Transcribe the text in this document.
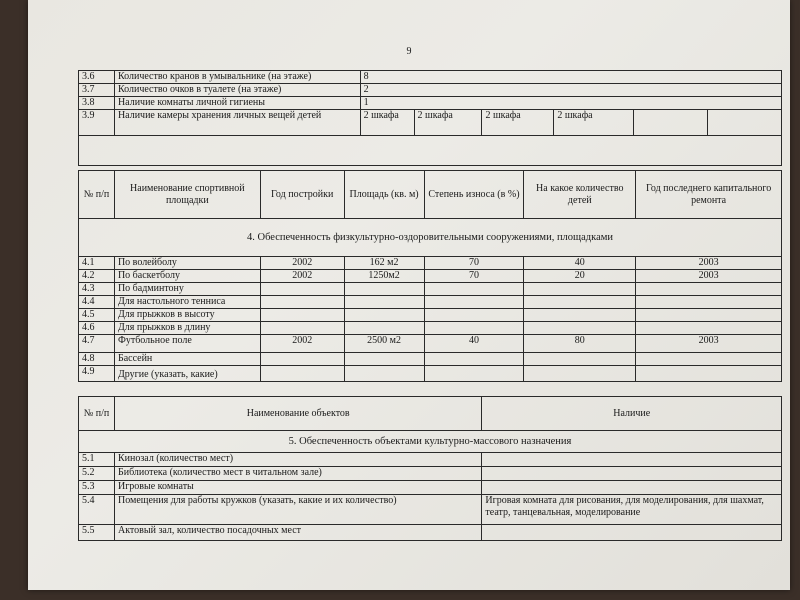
9
3.6	Количество кранов в умывальнике (на этаже)	8					
3.7	Количество очков в туалете (на этаже)	2					
3.8	Наличие комнаты личной гигиены	1					
3.9	Наличие камеры хранения личных вещей детей	2 шкафа	2 шкафа	2 шкафа	2 шкафа		

№ п/п	Наименование спортивной площадки	Год постройки	Площадь (кв. м)	Степень износа (в %)	На какое количество детей	Год последнего капитального ремонта
4. Обеспеченность физкультурно-оздоровительными сооружениями, площадками						
4.1	По волейболу	2002	162 м2	70	40	2003
4.2	По баскетболу	2002	1250м2	70	20	2003
4.3	По бадминтону					
4.4	Для настольного тенниса					
4.5	Для прыжков в высоту					
4.6	Для прыжков в длину					
4.7	Футбольное поле	2002	2500 м2	40	80	2003
4.8	Бассейн					
4.9	Другие (указать, какие)					
№ п/п	Наименование объектов	Наличие
5. Обеспеченность объектами культурно-массового назначения		
5.1	Кинозал (количество мест)	
5.2	Библиотека (количество мест в читальном зале)	
5.3	Игровые комнаты	
5.4	Помещения для работы кружков (указать, какие и их количество)	Игровая комната для рисования, для моделирования, для шахмат, театр, танцевальная, моделирование
5.5	Актовый зал, количество посадочных мест	
